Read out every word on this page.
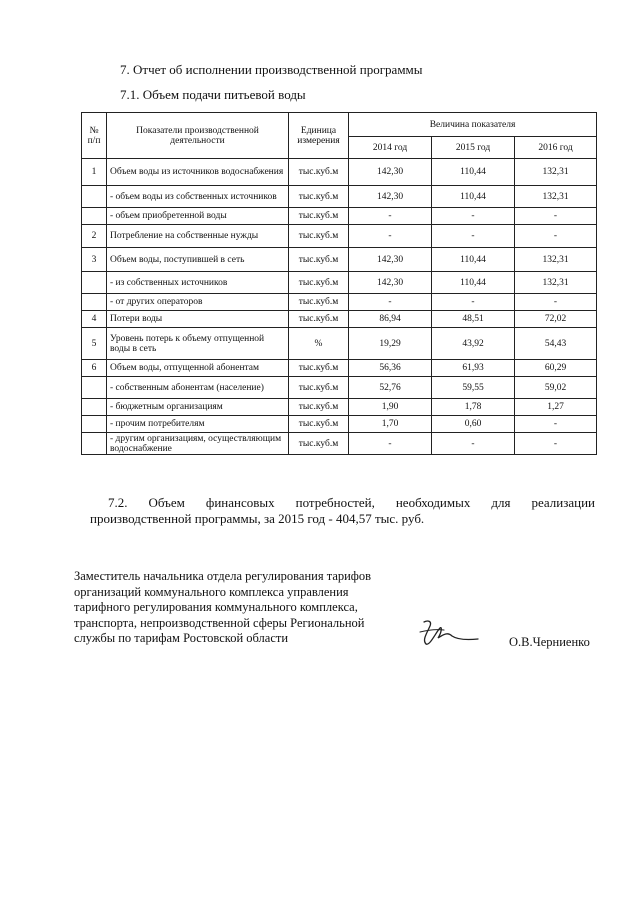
7. Отчет об исполнении производственной программы
7.1. Объем подачи питьевой воды
№ п/п	Показатели производственной деятельности	Единица измерения	Величина показателя		
			2014 год	2015 год	2016 год
1	Объем воды из источников водоснабжения	тыс.куб.м	142,30	110,44	132,31
	- объем воды из собственных источников	тыс.куб.м	142,30	110,44	132,31
	- объем приобретенной воды	тыс.куб.м	-	-	-
2	Потребление на собственные нужды	тыс.куб.м	-	-	-
3	Объем воды, поступившей в сеть	тыс.куб.м	142,30	110,44	132,31
	- из собственных источников	тыс.куб.м	142,30	110,44	132,31
	- от других операторов	тыс.куб.м	-	-	-
4	Потери воды	тыс.куб.м	86,94	48,51	72,02
5	Уровень потерь к объему отпущенной воды в сеть	%	19,29	43,92	54,43
6	Объем воды, отпущенной абонентам	тыс.куб.м	56,36	61,93	60,29
	- собственным абонентам (население)	тыс.куб.м	52,76	59,55	59,02
	- бюджетным организациям	тыс.куб.м	1,90	1,78	1,27
	- прочим потребителям	тыс.куб.м	1,70	0,60	-
	- другим организациям, осуществляющим водоснабжение	тыс.куб.м	-	-	-
7.2. Объем финансовых потребностей, необходимых для реализации
производственной программы, за 2015 год - 404,57 тыс. руб.
Заместитель начальника отдела регулирования тарифов
организаций коммунального комплекса управления
тарифного регулирования коммунального комплекса,
транспорта, непроизводственной сферы Региональной
службы по тарифам Ростовской области	О.В.Черниенко
